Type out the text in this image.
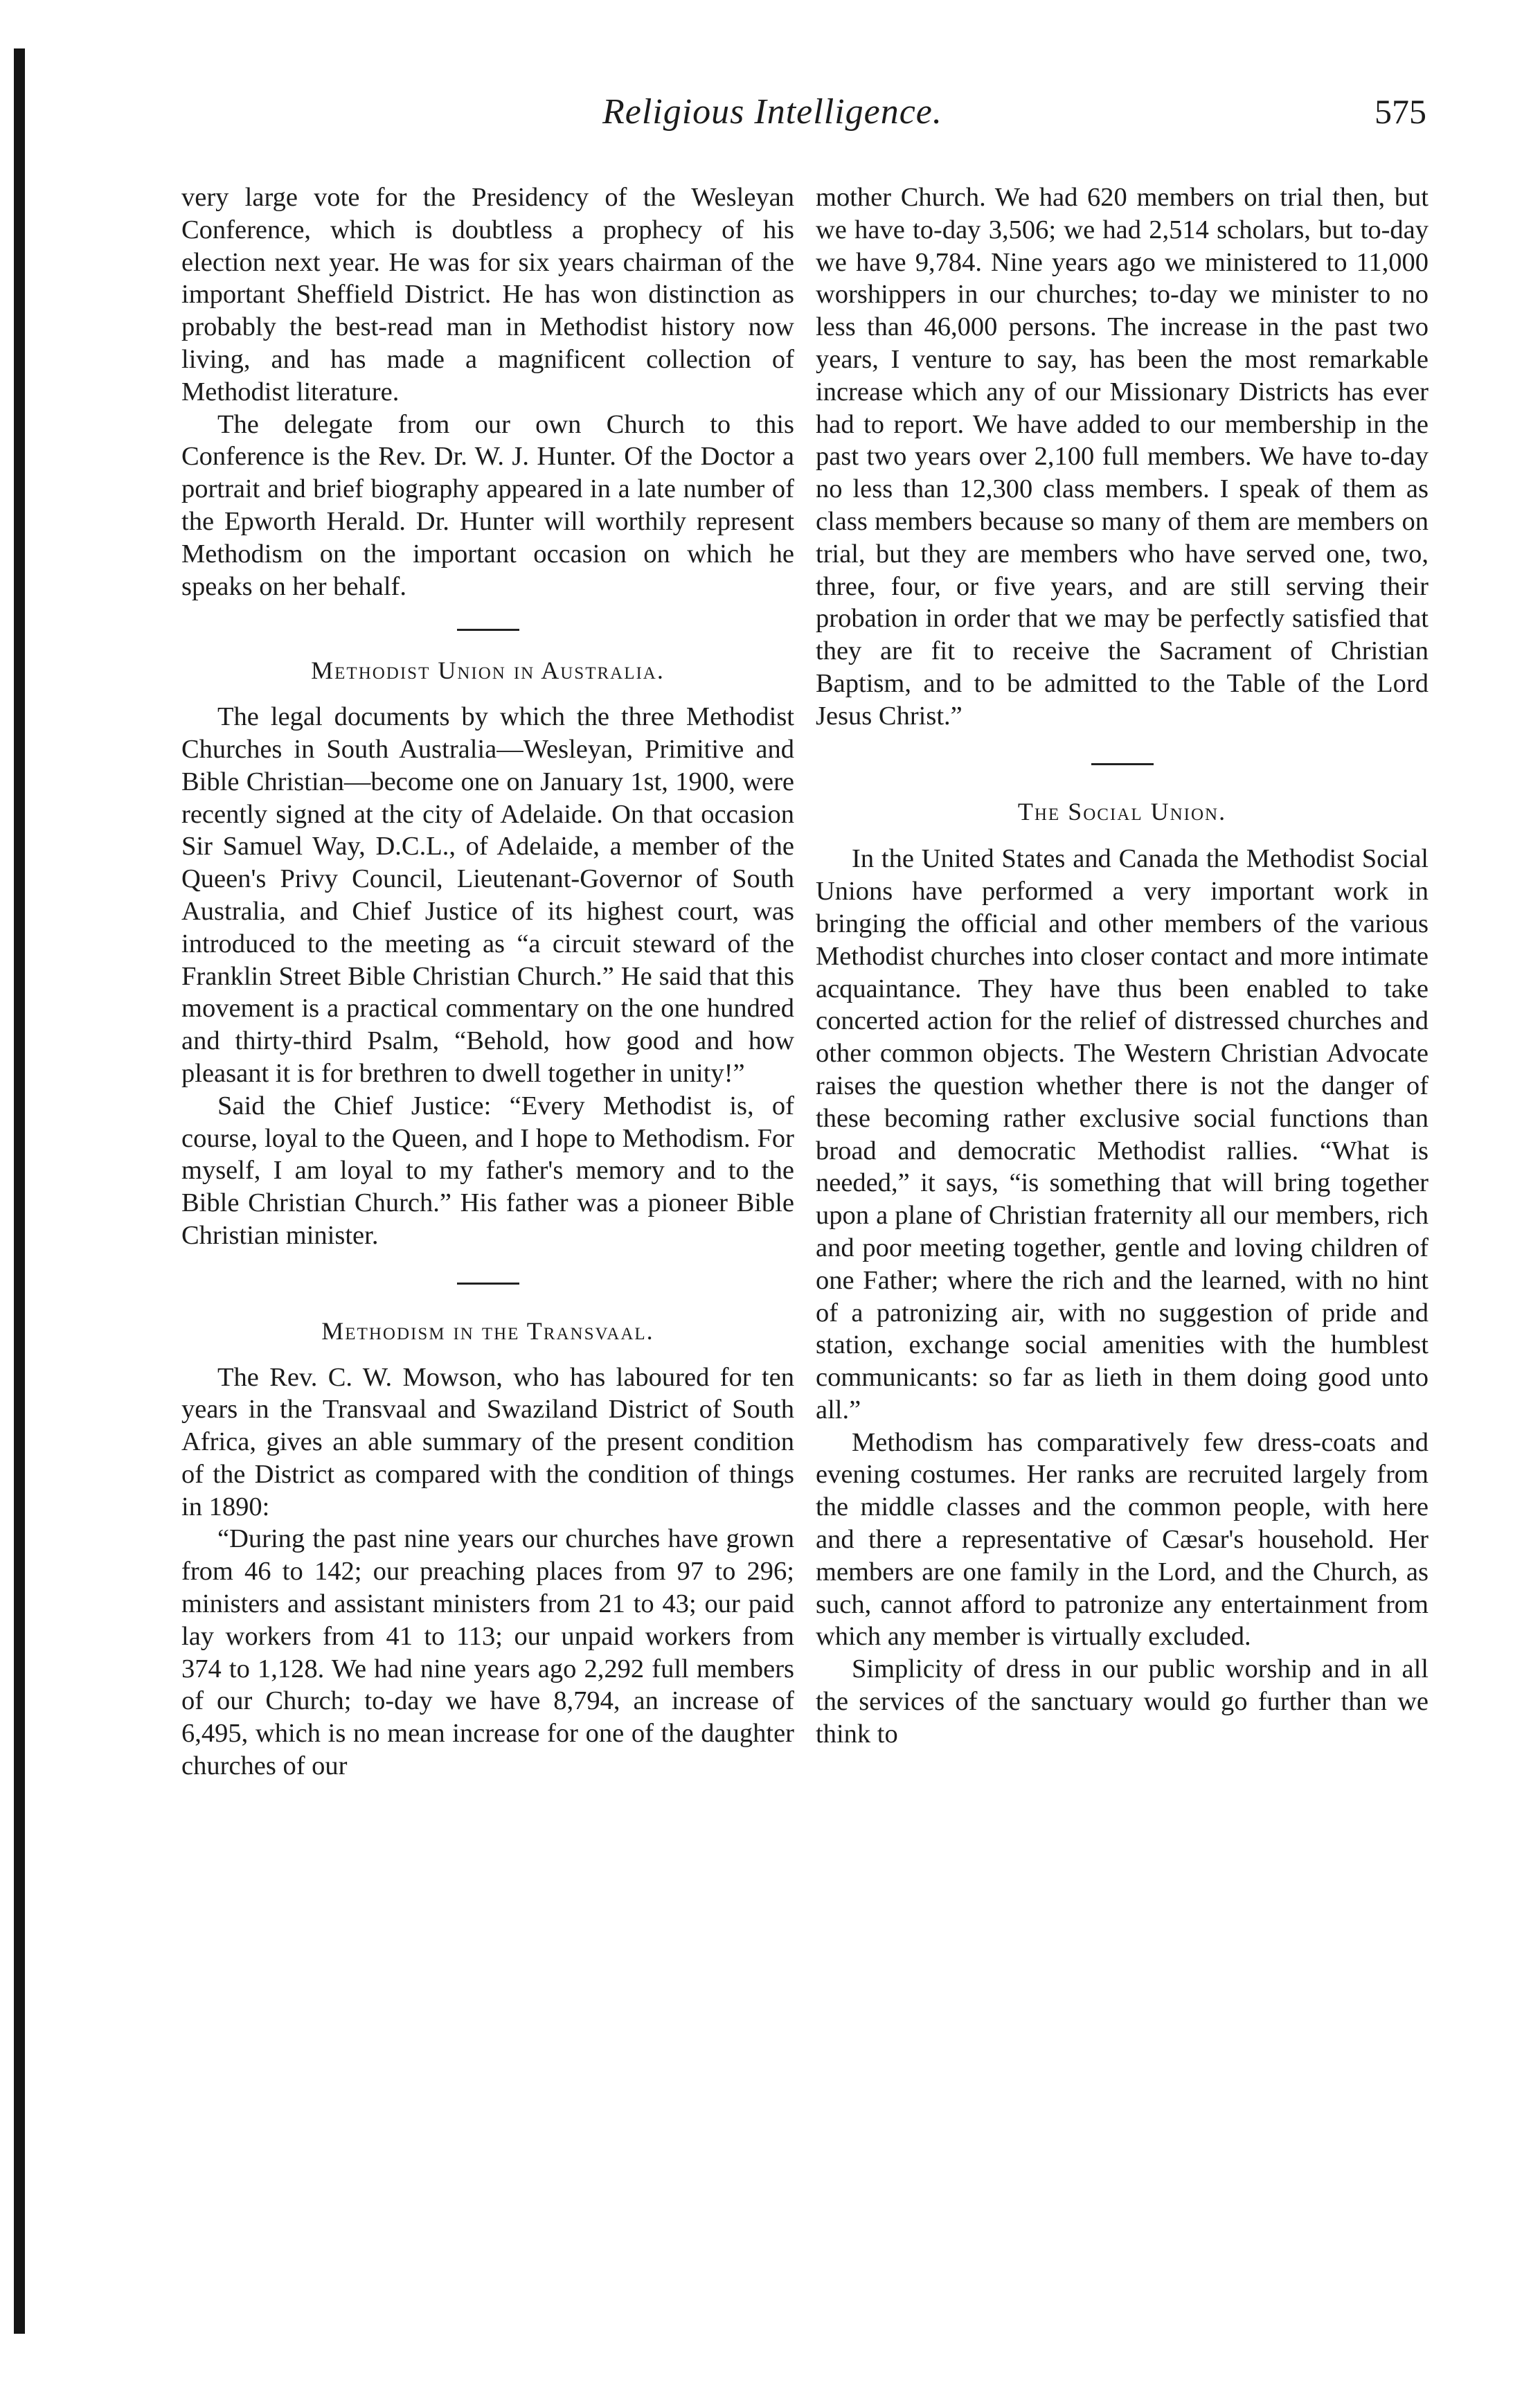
Religious Intelligence.	575

very large vote for the Presidency of the Wesleyan Conference, which is doubtless a prophecy of his election next year. He was for six years chairman of the important Sheffield District. He has won distinction as probably the best-read man in Methodist history now living, and has made a magnificent collection of Methodist literature.

The delegate from our own Church to this Conference is the Rev. Dr. W. J. Hunter. Of the Doctor a portrait and brief biography appeared in a late number of the Epworth Herald. Dr. Hunter will worthily represent Methodism on the important occasion on which he speaks on her behalf.

Methodist Union in Australia.

The legal documents by which the three Methodist Churches in South Australia—Wesleyan, Primitive and Bible Christian—become one on January 1st, 1900, were recently signed at the city of Adelaide. On that occasion Sir Samuel Way, D.C.L., of Adelaide, a member of the Queen's Privy Council, Lieutenant-Governor of South Australia, and Chief Justice of its highest court, was introduced to the meeting as “a circuit steward of the Franklin Street Bible Christian Church.” He said that this movement is a practical commentary on the one hundred and thirty-third Psalm, “Behold, how good and how pleasant it is for brethren to dwell together in unity!”

Said the Chief Justice: “Every Methodist is, of course, loyal to the Queen, and I hope to Methodism. For myself, I am loyal to my father's memory and to the Bible Christian Church.” His father was a pioneer Bible Christian minister.

Methodism in the Transvaal.

The Rev. C. W. Mowson, who has laboured for ten years in the Transvaal and Swaziland District of South Africa, gives an able summary of the present condition of the District as compared with the condition of things in 1890:

“During the past nine years our churches have grown from 46 to 142; our preaching places from 97 to 296; ministers and assistant ministers from 21 to 43; our paid lay workers from 41 to 113; our unpaid workers from 374 to 1,128. We had nine years ago 2,292 full members of our Church; to-day we have 8,794, an increase of 6,495, which is no mean increase for one of the daughter churches of our

mother Church. We had 620 members on trial then, but we have to-day 3,506; we had 2,514 scholars, but to-day we have 9,784. Nine years ago we ministered to 11,000 worshippers in our churches; to-day we minister to no less than 46,000 persons. The increase in the past two years, I venture to say, has been the most remarkable increase which any of our Missionary Districts has ever had to report. We have added to our membership in the past two years over 2,100 full members. We have to-day no less than 12,300 class members. I speak of them as class members because so many of them are members on trial, but they are members who have served one, two, three, four, or five years, and are still serving their probation in order that we may be perfectly satisfied that they are fit to receive the Sacrament of Christian Baptism, and to be admitted to the Table of the Lord Jesus Christ.”

The Social Union.

In the United States and Canada the Methodist Social Unions have performed a very important work in bringing the official and other members of the various Methodist churches into closer contact and more intimate acquaintance. They have thus been enabled to take concerted action for the relief of distressed churches and other common objects. The Western Christian Advocate raises the question whether there is not the danger of these becoming rather exclusive social functions than broad and democratic Methodist rallies. “What is needed,” it says, “is something that will bring together upon a plane of Christian fraternity all our members, rich and poor meeting together, gentle and loving children of one Father; where the rich and the learned, with no hint of a patronizing air, with no suggestion of pride and station, exchange social amenities with the humblest communicants: so far as lieth in them doing good unto all.”

Methodism has comparatively few dress-coats and evening costumes. Her ranks are recruited largely from the middle classes and the common people, with here and there a representative of Cæsar's household. Her members are one family in the Lord, and the Church, as such, cannot afford to patronize any entertainment from which any member is virtually excluded.

Simplicity of dress in our public worship and in all the services of the sanctuary would go further than we think to
